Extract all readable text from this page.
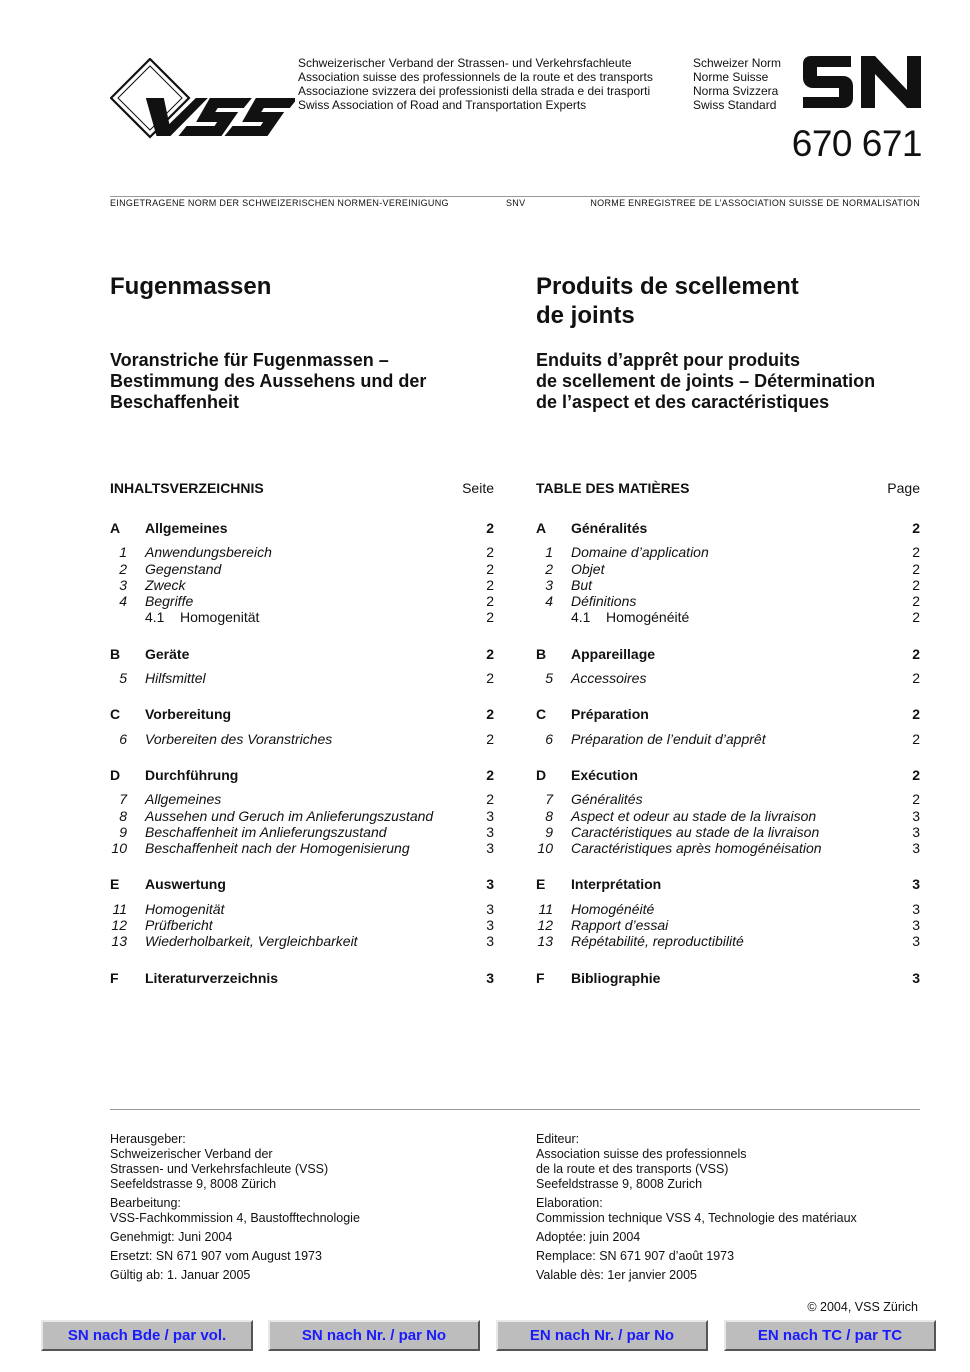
Schweizerischer Verband der Strassen- und Verkehrsfachleute
Association suisse des professionnels de la route et des transports
Associazione svizzera dei professionisti della strada e dei trasporti
Swiss Association of Road and Transportation Experts
Schweizer Norm
Norme Suisse
Norma Svizzera
Swiss Standard
670 671
EINGETRAGENE NORM DER SCHWEIZERISCHEN NORMEN-VEREINIGUNG	SNV	NORME ENREGISTREE DE L’ASSOCIATION SUISSE DE NORMALISATION
Fugenmassen	Produits de scellement
de joints
Voranstriche für Fugenmassen –
Bestimmung des Aussehens und der
Beschaffenheit
Enduits d’apprêt pour produits
de scellement de joints – Détermination
de l’aspect et des caractéristiques
INHALTSVERZEICHNIS	Seite
A	Allgemeines	2
1	Anwendungsbereich	2
2	Gegenstand	2
3	Zweck	2
4	Begriffe	2
4.1 Homogenität	2
B	Geräte	2
5	Hilfsmittel	2
C	Vorbereitung	2
6	Vorbereiten des Voranstriches	2
D	Durchführung	2
7	Allgemeines	2
8	Aussehen und Geruch im Anlieferungszustand	3
9	Beschaffenheit im Anlieferungszustand	3
10	Beschaffenheit nach der Homogenisierung	3
E	Auswertung	3
11	Homogenität	3
12	Prüfbericht	3
13	Wiederholbarkeit, Vergleichbarkeit	3
F	Literaturverzeichnis	3
TABLE DES MATIÈRES	Page
A	Généralités	2
1	Domaine d’application	2
2	Objet	2
3	But	2
4	Définitions	2
4.1 Homogénéité	2
B	Appareillage	2
5	Accessoires	2
C	Préparation	2
6	Préparation de l’enduit d’apprêt	2
D	Exécution	2
7	Généralités	2
8	Aspect et odeur au stade de la livraison	3
9	Caractéristiques au stade de la livraison	3
10	Caractéristiques après homogénéisation	3
E	Interprétation	3
11	Homogénéité	3
12	Rapport d’essai	3
13	Répétabilité, reproductibilité	3
F	Bibliographie	3

Herausgeber:
Schweizerischer Verband der
Strassen- und Verkehrsfachleute (VSS)
Seefeldstrasse 9, 8008 Zürich

Bearbeitung:
VSS-Fachkommission 4, Baustofftechnologie

Genehmigt: Juni 2004

Ersetzt: SN 671 907 vom August 1973

Gültig ab: 1. Januar 2005

Editeur:
Association suisse des professionnels
de la route et des transports (VSS)
Seefeldstrasse 9, 8008 Zurich

Elaboration:
Commission technique VSS 4, Technologie des matériaux

Adoptée: juin 2004

Remplace: SN 671 907 d’août 1973

Valable dès: 1er janvier 2005

© 2004, VSS Zürich
SN nach Bde / par vol.	SN nach Nr. / par No	EN nach Nr. / par No	EN nach TC / par TC
